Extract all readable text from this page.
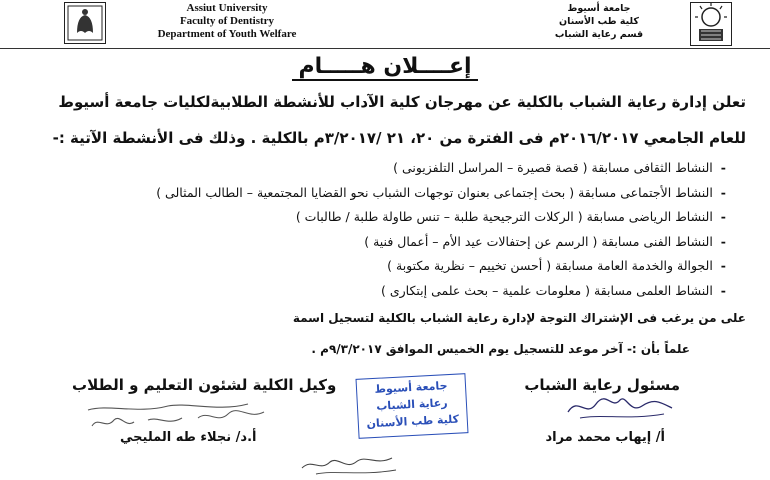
Assiut University
Faculty of Dentistry
Department of Youth Welfare
جامعة أسيوط
كلية طب الأسنان
قسم رعاية الشباب
إعــــلان هـــــام
تعلن إدارة رعاية الشباب بالكلية عن مهرجان كلية الآداب للأنشطة الطلابيةلكليات جامعة أسيوط
للعام الجامعي ٢٠١٦/٢٠١٧م فى الفترة من ٢٠، ٢١ /٣/٢٠١٧م بالكلية . وذلك فى الأنشطة الآتية :-
-النشاط الثقافى مسابقة ( قصة قصيرة – المراسل التلفزيونى )
-النشاط الأجتماعى مسابقة ( بحث إجتماعى بعنوان توجهات الشباب نحو القضايا المجتمعية – الطالب المثالى )
-النشاط الرياضى مسابقة ( الركلات الترجيحية طلبة – تنس طاولة طلبة / طالبات )
-النشاط الفنى مسابقة ( الرسم عن إحتفالات عيد الأم – أعمال فنية )
-الجوالة والخدمة العامة مسابقة ( أحسن تخييم – نظرية مكتوبة )
-النشاط العلمى مسابقة ( معلومات علمية – بحث علمى إبتكارى )
على من يرغب فى الإشتراك التوجة لإدارة رعاية الشباب بالكلية لتسجيل اسمة
علماً بأن :- آخر موعد للتسجيل يوم الخميس الموافق ٩/٣/٢٠١٧م .
مسئول رعاية الشباب
أ/ إيهاب محمد مراد
جامعة أسيوط
رعاية الشباب
كلية طب الأسنان
وكيل الكلية لشئون التعليم و الطلاب
أ.د/ نجلاء طه المليجي
